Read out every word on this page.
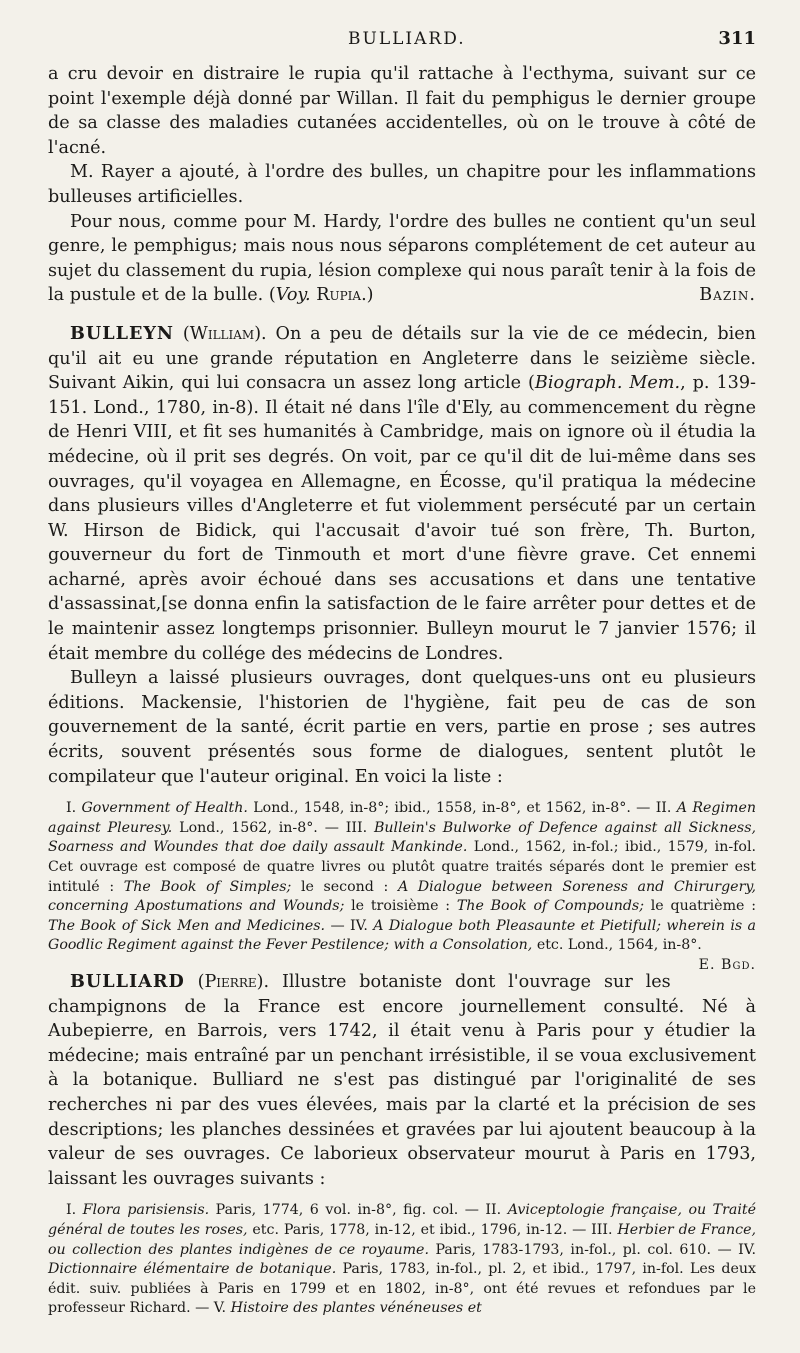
BULLIARD.	311

a cru devoir en distraire le rupia qu'il rattache à l'ecthyma, suivant sur ce point l'exemple déjà donné par Willan. Il fait du pemphigus le dernier groupe de sa classe des maladies cutanées accidentelles, où on le trouve à côté de l'acné.

M. Rayer a ajouté, à l'ordre des bulles, un chapitre pour les inflammations bulleuses artificielles.

Pour nous, comme pour M. Hardy, l'ordre des bulles ne contient qu'un seul genre, le pemphigus; mais nous nous séparons complétement de cet auteur au sujet du classement du rupia, lésion complexe qui nous paraît tenir à la fois de la pustule et de la bulle. (Voy. Rupia.)	Bazin.

BULLEYN (William). On a peu de détails sur la vie de ce médecin, bien qu'il ait eu une grande réputation en Angleterre dans le seizième siècle. Suivant Aikin, qui lui consacra un assez long article (Biograph. Mem., p. 139-151. Lond., 1780, in-8). Il était né dans l'île d'Ely, au commencement du règne de Henri VIII, et fit ses humanités à Cambridge, mais on ignore où il étudia la médecine, où il prit ses degrés. On voit, par ce qu'il dit de lui-même dans ses ouvrages, qu'il voyagea en Allemagne, en Écosse, qu'il pratiqua la médecine dans plusieurs villes d'Angleterre et fut violemment persécuté par un certain W. Hirson de Bidick, qui l'accusait d'avoir tué son frère, Th. Burton, gouverneur du fort de Tinmouth et mort d'une fièvre grave. Cet ennemi acharné, après avoir échoué dans ses accusations et dans une tentative d'assassinat,[se donna enfin la satisfaction de le faire arrêter pour dettes et de le maintenir assez longtemps prisonnier. Bulleyn mourut le 7 janvier 1576; il était membre du collége des médecins de Londres.

Bulleyn a laissé plusieurs ouvrages, dont quelques-uns ont eu plusieurs éditions. Mackensie, l'historien de l'hygiène, fait peu de cas de son gouvernement de la santé, écrit partie en vers, partie en prose ; ses autres écrits, souvent présentés sous forme de dialogues, sentent plutôt le compilateur que l'auteur original. En voici la liste :

I. Government of Health. Lond., 1548, in-8°; ibid., 1558, in-8°, et 1562, in-8°. — II. A Regimen against Pleuresy. Lond., 1562, in-8°. — III. Bullein's Bulworke of Defence against all Sickness, Soarness and Woundes that doe daily assault Mankinde. Lond., 1562, in-fol.; ibid., 1579, in-fol. Cet ouvrage est composé de quatre livres ou plutôt quatre traités séparés dont le premier est intitulé : The Book of Simples; le second : A Dialogue between Soreness and Chirurgery, concerning Apostumations and Wounds; le troisième : The Book of Compounds; le quatrième : The Book of Sick Men and Medicines. — IV. A Dialogue both Pleasaunte et Pietifull; wherein is a Goodlic Regiment against the Fever Pestilence; with a Consolation, etc. Lond., 1564, in-8°.
E. Bgd.

BULLIARD (Pierre). Illustre botaniste dont l'ouvrage sur les champignons de la France est encore journellement consulté. Né à Aubepierre, en Barrois, vers 1742, il était venu à Paris pour y étudier la médecine; mais entraîné par un penchant irrésistible, il se voua exclusivement à la botanique. Bulliard ne s'est pas distingué par l'originalité de ses recherches ni par des vues élevées, mais par la clarté et la précision de ses descriptions; les planches dessinées et gravées par lui ajoutent beaucoup à la valeur de ses ouvrages. Ce laborieux observateur mourut à Paris en 1793, laissant les ouvrages suivants :

I. Flora parisiensis. Paris, 1774, 6 vol. in-8°, fig. col. — II. Aviceptologie française, ou Traité général de toutes les roses, etc. Paris, 1778, in-12, et ibid., 1796, in-12. — III. Herbier de France, ou collection des plantes indigènes de ce royaume. Paris, 1783-1793, in-fol., pl. col. 610. — IV. Dictionnaire élémentaire de botanique. Paris, 1783, in-fol., pl. 2, et ibid., 1797, in-fol. Les deux édit. suiv. publiées à Paris en 1799 et en 1802, in-8°, ont été revues et refondues par le professeur Richard. — V. Histoire des plantes vénéneuses et
